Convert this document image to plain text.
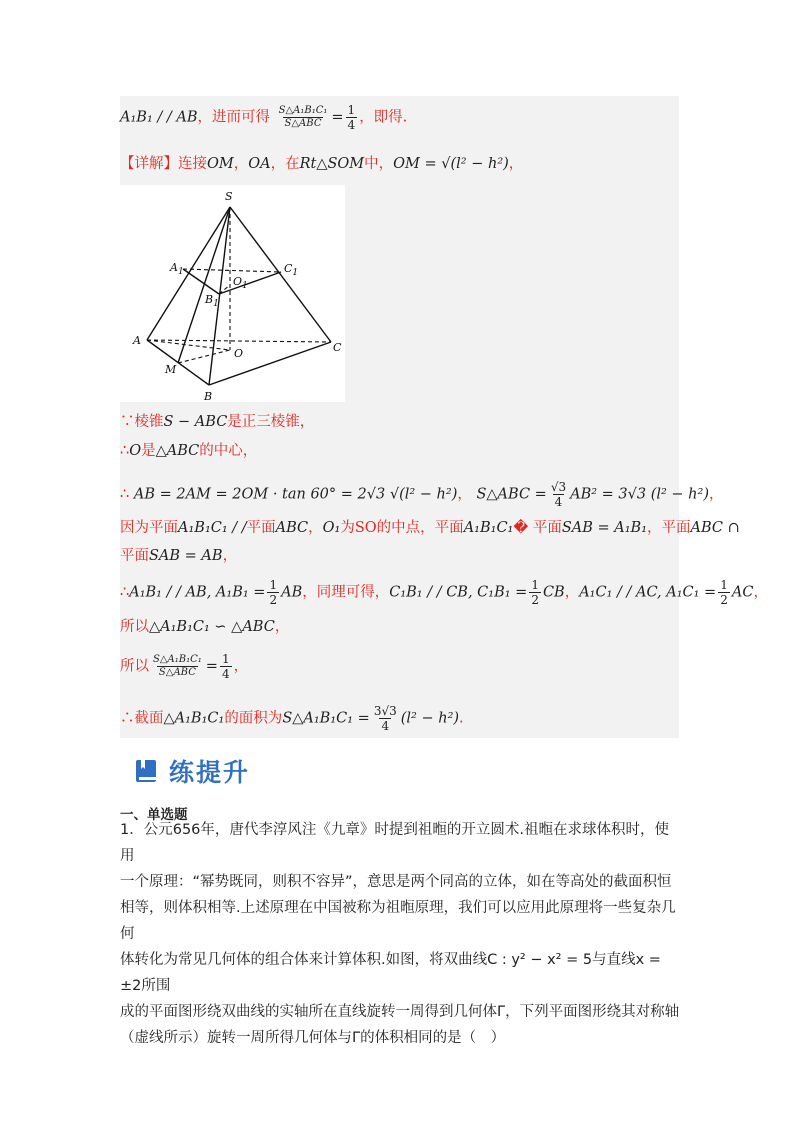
A₁B₁ / / AB，进而可得 $\frac{\text{S△A₁B₁C₁}}{\text{S△ABC}} = \frac{1}{4}$ ，即得.
【详解】连接OM，OA，在Rt△SOM中，OM = √(l² − h²)，
S
$A_1$	$C_1$
$O_1$
$B_1$
A
C
O
M
B
∵棱锥S − ABC是正三棱锥，
∴O是△ABC的中心，
∴ AB = 2AM = 2OM · tan 60° = 2√3 √(l² − h²)， S△ABC = $\frac{√3}{4} AB^2 = 3√3$ (l² − h²)，
因为平面A₁B₁C₁ / /平面ABC，O₁为SO的中点，平面A₁B₁C₁� 平面SAB = A₁B₁，平面ABC ∩
平面SAB = AB，
∴A₁B₁ / / AB, $A_1B_1 = \frac{1}{2}$ AB，同理可得，C₁B₁ / / CB, $C_1B_1 = \frac{1}{2}$ CB，A₁C₁ / / AC, $A_1C_1 = \frac{1}{2}$ AC，
所以△A₁B₁C₁ ∽ △ABC，
所以 $\frac{\text{S△A₁B₁C₁}}{\text{S△ABC}} = \frac{1}{4}$ ，
∴截面△A₁B₁C₁的面积为S△A₁B₁C₁ = $\frac{3√3}{4} (l^2 - h^2)$.
练提升
一、单选题
1．公元656年，唐代李淳风注《九章》时提到祖暅的开立圆术.祖暅在求球体积时，使用
一个原理：“幂势既同，则积不容异”，意思是两个同高的立体，如在等高处的截面积恒
相等，则体积相等.上述原理在中国被称为祖暅原理，我们可以应用此原理将一些复杂几何
体转化为常见几何体的组合体来计算体积.如图，将双曲线C : y² − x² = 5与直线x = ±2所围
成的平面图形绕双曲线的实轴所在直线旋转一周得到几何体Γ，下列平面图形绕其对称轴
（虚线所示）旋转一周所得几何体与Γ的体积相同的是（　）
